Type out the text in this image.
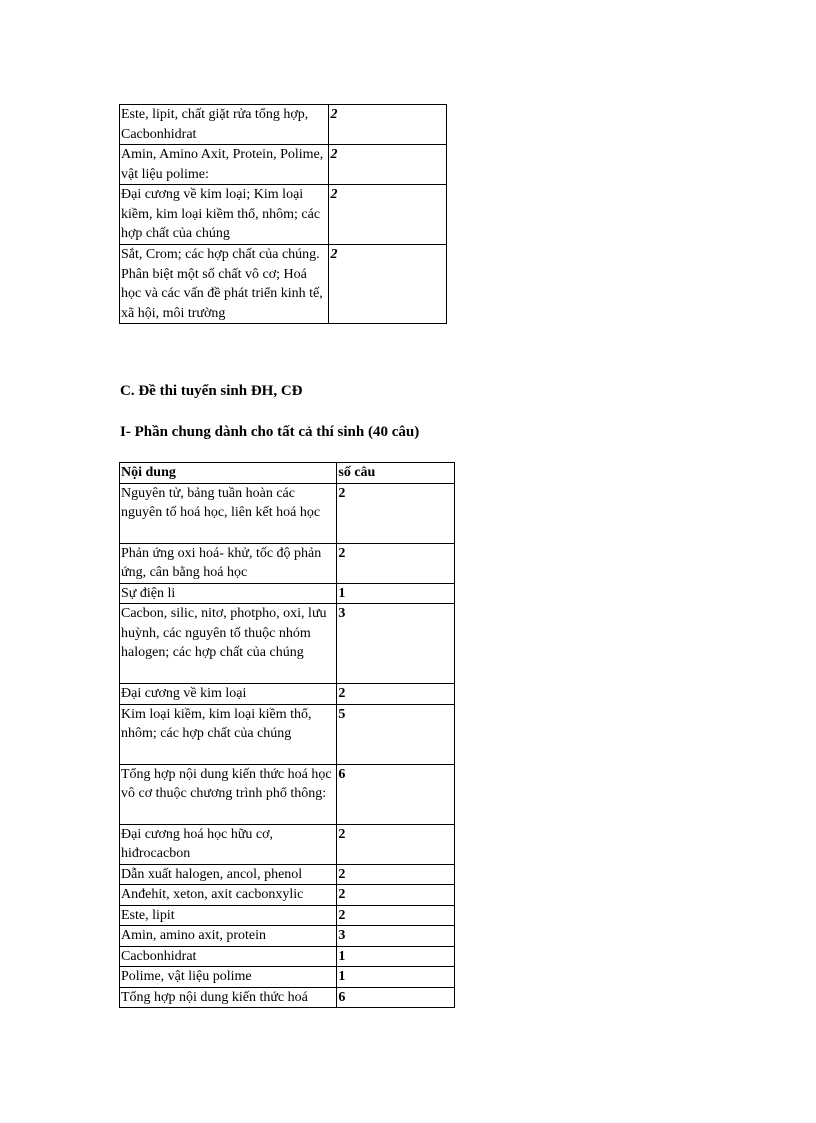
Este, lipit, chất giặt rửa tổng hợp, Cacbonhidrat	2
Amin, Amino Axit, Protein, Polime, vật liệu polime:	2
Đại cương về kim loại; Kim loại kiềm, kim loại kiềm thổ, nhôm; các hợp chất của chúng	2
Sắt, Crom; các hợp chất của chúng. Phân biệt một số chất vô cơ; Hoá học và các vấn đề phát triển kinh tế, xã hội, môi trường	2

C. Đề thi tuyển sinh ĐH, CĐ

I- Phần chung dành cho tất cả thí sinh (40 câu)

Nội dung	số câu
Nguyên tử, bảng tuần hoàn các nguyên tố hoá học, liên kết hoá học	2
Phản ứng oxi hoá- khử, tốc độ phản ứng, cân bằng hoá học	2
Sự điện li	1
Cacbon, silic, nitơ, photpho, oxi, lưu huỳnh, các nguyên tố thuộc nhóm halogen; các hợp chất của chúng	3
Đại cương về kim loại	2
Kim loại kiềm, kim loại kiềm thổ, nhôm; các hợp chất của chúng	5
Tổng hợp nội dung kiến thức hoá học vô cơ thuộc chương trình phổ thông:	6
Đại cương hoá học hữu cơ, hiđrocacbon	2
Dẫn xuất halogen, ancol, phenol	2
Anđehit, xeton, axit cacbonxylic	2
Este, lipit	2
Amin, amino axit, protein	3
Cacbonhidrat	1
Polime, vật liệu polime	1
Tổng hợp nội dung kiến thức hoá	6
